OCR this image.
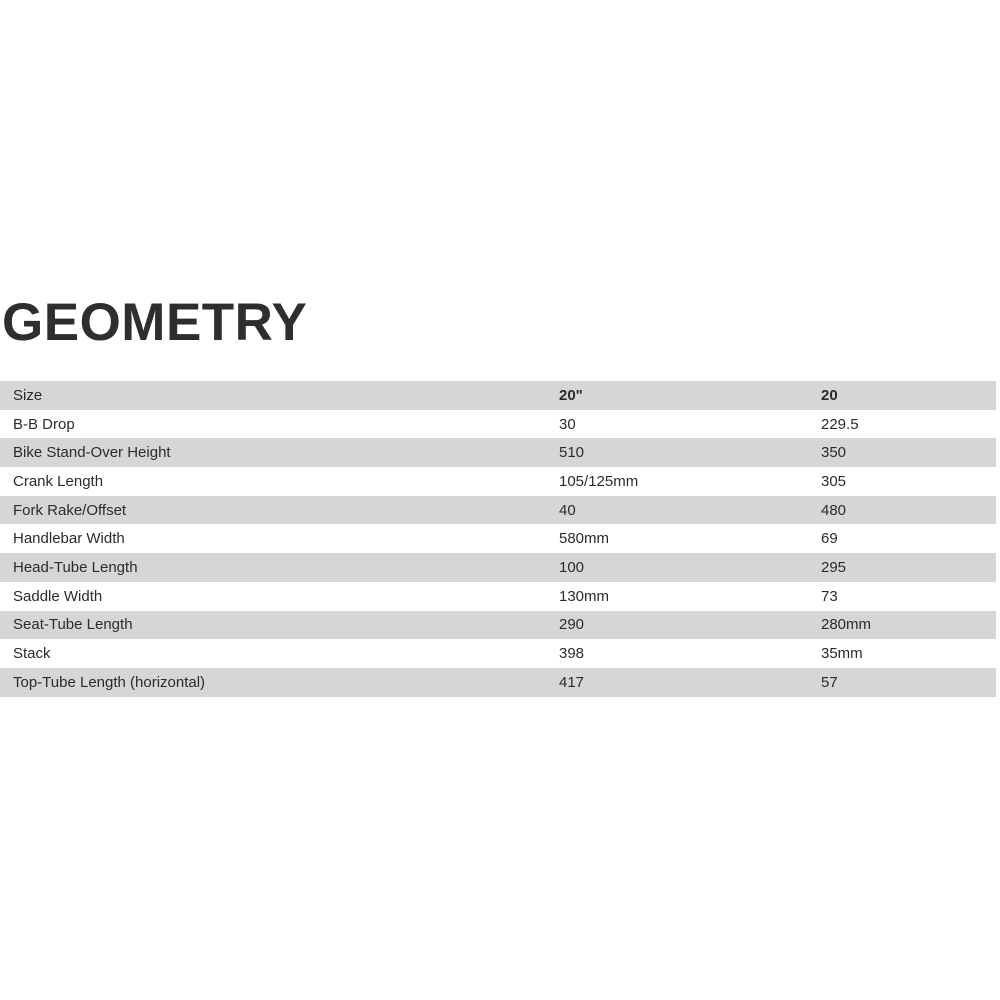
GEOMETRY
Size	20"	20
B-B Drop	30	229.5
Bike Stand-Over Height	510	350
Crank Length	105/125mm	305
Fork Rake/Offset	40	480
Handlebar Width	580mm	69
Head-Tube Length	100	295
Saddle Width	130mm	73
Seat-Tube Length	290	280mm
Stack	398	35mm
Top-Tube Length (horizontal)	417	57
